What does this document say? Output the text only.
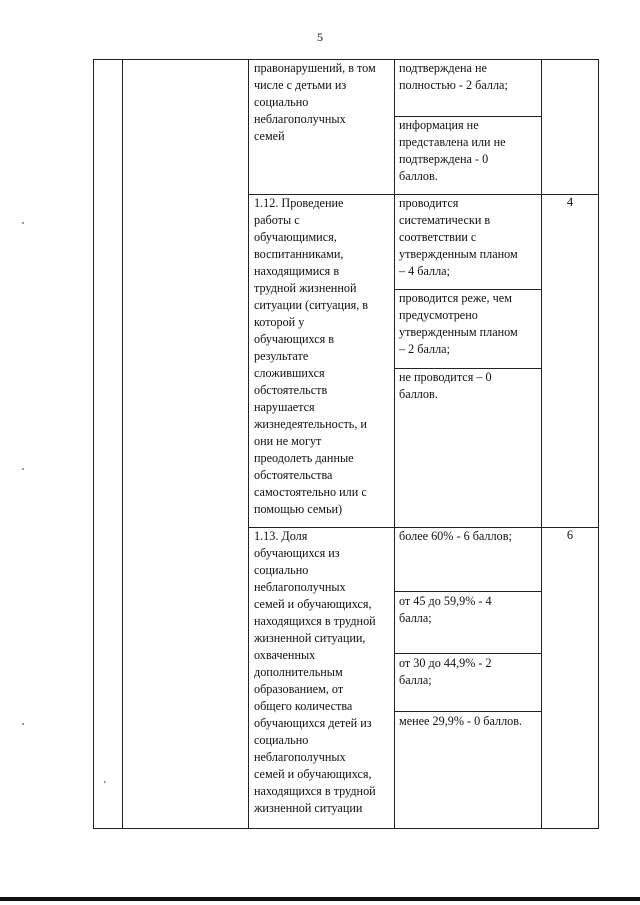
5
правонарушений, в том
числе с детьми из
социально
неблагополучных
семей
подтверждена не
полностью - 2 балла;
информация не
представлена или не
подтверждена - 0
баллов.
1.12. Проведение
работы с
обучающимися,
воспитанниками,
находящимися в
трудной жизненной
ситуации (ситуация, в
которой у
обучающихся в
результате
сложившихся
обстоятельств
нарушается
жизнедеятельность, и
они не могут
преодолеть данные
обстоятельства
самостоятельно или с
помощью семьи)
проводится
систематически в
соответствии с
утвержденным планом
– 4 балла;
проводится реже, чем
предусмотрено
утвержденным планом
– 2 балла;
не проводится – 0
баллов.
4
1.13. Доля
обучающихся из
социально
неблагополучных
семей и обучающихся,
находящихся в трудной
жизненной ситуации,
охваченных
дополнительным
образованием, от
общего количества
обучающихся детей из
социально
неблагополучных
семей и обучающихся,
находящихся в трудной
жизненной ситуации
более 60% - 6 баллов;
от 45 до 59,9% - 4
балла;
от 30 до 44,9% - 2
балла;
менее 29,9% - 0 баллов.
6
'
